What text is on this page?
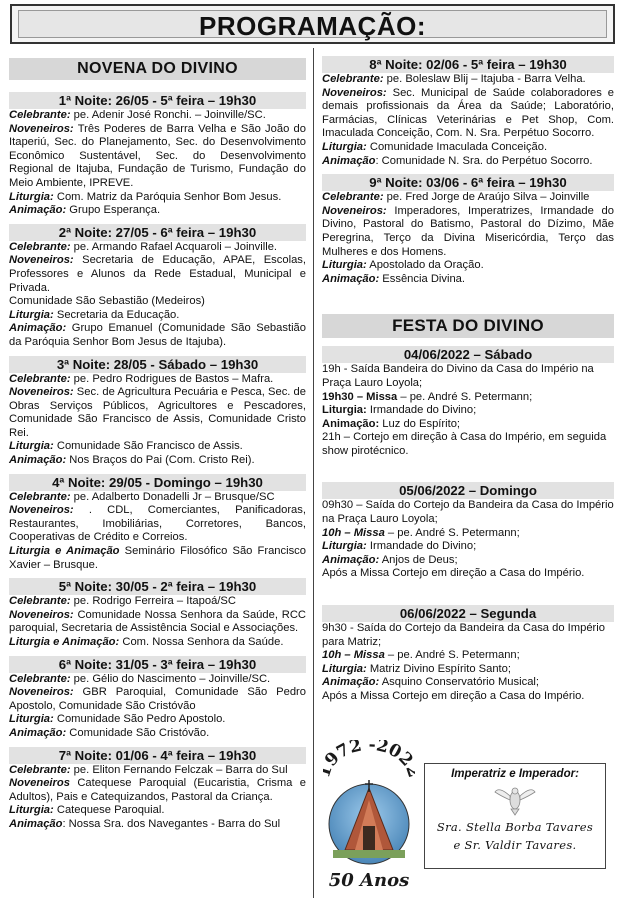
PROGRAMAÇÃO:
NOVENA DO DIVINO
1ª Noite: 26/05 - 5ª feira – 19h30

Celebrante: pe. Adenir José Ronchi. – Joinville/SC.

Noveneiros: Três Poderes de Barra Velha e São João do Itaperiú, Sec. do Planejamento, Sec. do Desenvolvimento Econômico Sustentável, Sec. do Desenvolvimento Regional de Itajuba, Fundação de Turismo, Fundação do Meio Ambiente, IPREVE.

Liturgia: Com. Matriz da Paróquia Senhor Bom Jesus.

Animação: Grupo Esperança.

2ª Noite: 27/05 - 6ª feira – 19h30

Celebrante: pe. Armando Rafael Acquaroli – Joinville.

Noveneiros: Secretaria de Educação, APAE, Escolas, Professores e Alunos da Rede Estadual, Municipal e Privada.

Comunidade São Sebastião (Medeiros)

Liturgia: Secretaria da Educação.

Animação: Grupo Emanuel (Comunidade São Sebastião da Paróquia Senhor Bom Jesus de Itajuba).

3ª Noite: 28/05 - Sábado – 19h30

Celebrante: pe. Pedro Rodrigues de Bastos – Mafra.

Noveneiros: Sec. de Agricultura Pecuária e Pesca, Sec. de Obras Serviços Públicos, Agricultores e Pescadores, Comunidade São Francisco de Assis, Comunidade Cristo Rei.

Liturgia: Comunidade São Francisco de Assis.

Animação: Nos Braços do Pai (Com. Cristo Rei).

4ª Noite: 29/05 - Domingo – 19h30

Celebrante: pe. Adalberto Donadelli Jr – Brusque/SC

Noveneiros: . CDL, Comerciantes, Panificadoras, Restaurantes, Imobiliárias, Corretores, Bancos, Cooperativas de Crédito e Correios.

Liturgia e Animação Seminário Filosófico São Francisco Xavier – Brusque.

5ª Noite: 30/05 - 2ª feira – 19h30

Celebrante: pe. Rodrigo Ferreira – Itapoá/SC

Noveneiros: Comunidade Nossa Senhora da Saúde, RCC paroquial, Secretaria de Assistência Social e Associações.

Liturgia e Animação: Com. Nossa Senhora da Saúde.

6ª Noite: 31/05 - 3ª feira – 19h30

Celebrante: pe. Gélio do Nascimento – Joinville/SC.

Noveneiros: GBR Paroquial, Comunidade São Pedro Apostolo, Comunidade São Cristóvão

Liturgia: Comunidade São Pedro Apostolo.

Animação: Comunidade São Cristóvão.

7ª Noite: 01/06 - 4ª feira – 19h30

Celebrante: pe. Eliton Fernando Felczak – Barra do Sul

Noveneiros Catequese Paroquial (Eucaristia, Crisma e Adultos), Pais e Catequizandos, Pastoral da Criança.

Liturgia: Catequese Paroquial.

Animação: Nossa Sra. dos Navegantes - Barra do Sul

8ª Noite: 02/06 - 5ª feira – 19h30

Celebrante: pe. Boleslaw Blij – Itajuba - Barra Velha.

Noveneiros: Sec. Municipal de Saúde colaboradores e demais profissionais da Área da Saúde; Laboratório, Farmácias, Clínicas Veterinárias e Pet Shop, Com. Imaculada Conceição, Com. N. Sra. Perpétuo Socorro.

Liturgia: Comunidade Imaculada Conceição.

Animação: Comunidade N. Sra. do Perpétuo Socorro.

9ª Noite: 03/06 - 6ª feira – 19h30

Celebrante: pe. Fred Jorge de Araújo Silva – Joinville

Noveneiros: Imperadores, Imperatrizes, Irmandade do Divino, Pastoral do Batismo, Pastoral do Dízimo, Mãe Peregrina, Terço da Divina Misericórdia, Terço das Mulheres e dos Homens.

Liturgia: Apostolado da Oração.

Animação: Essência Divina.

FESTA DO DIVINO
04/06/2022 – Sábado

19h - Saída Bandeira do Divino da Casa do Império na Praça Lauro Loyola;

19h30 – Missa – pe. André S. Petermann;

Liturgia: Irmandade do Divino;

Animação: Luz do Espírito;

21h – Cortejo em direção à Casa do Império, em seguida show pirotécnico.

05/06/2022 – Domingo

09h30 – Saída do Cortejo da Bandeira da Casa do Império na Praça Lauro Loyola;

10h – Missa – pe. André S. Petermann;

Liturgia: Irmandade do Divino;

Animação: Anjos de Deus;

Após a Missa Cortejo em direção a Casa do Império.

06/06/2022 – Segunda

9h30 - Saída do Cortejo da Bandeira da Casa do Império para Matriz;

10h – Missa – pe. André S. Petermann;

Liturgia: Matriz Divino Espírito Santo;

Animação: Asquino Conservatório Musical;

Após a Missa Cortejo em direção a Casa do Império.

972 -202
50 Anos
Imperatriz e Imperador:
Sra. Stella Borba Tavares
e Sr. Valdir Tavares.
